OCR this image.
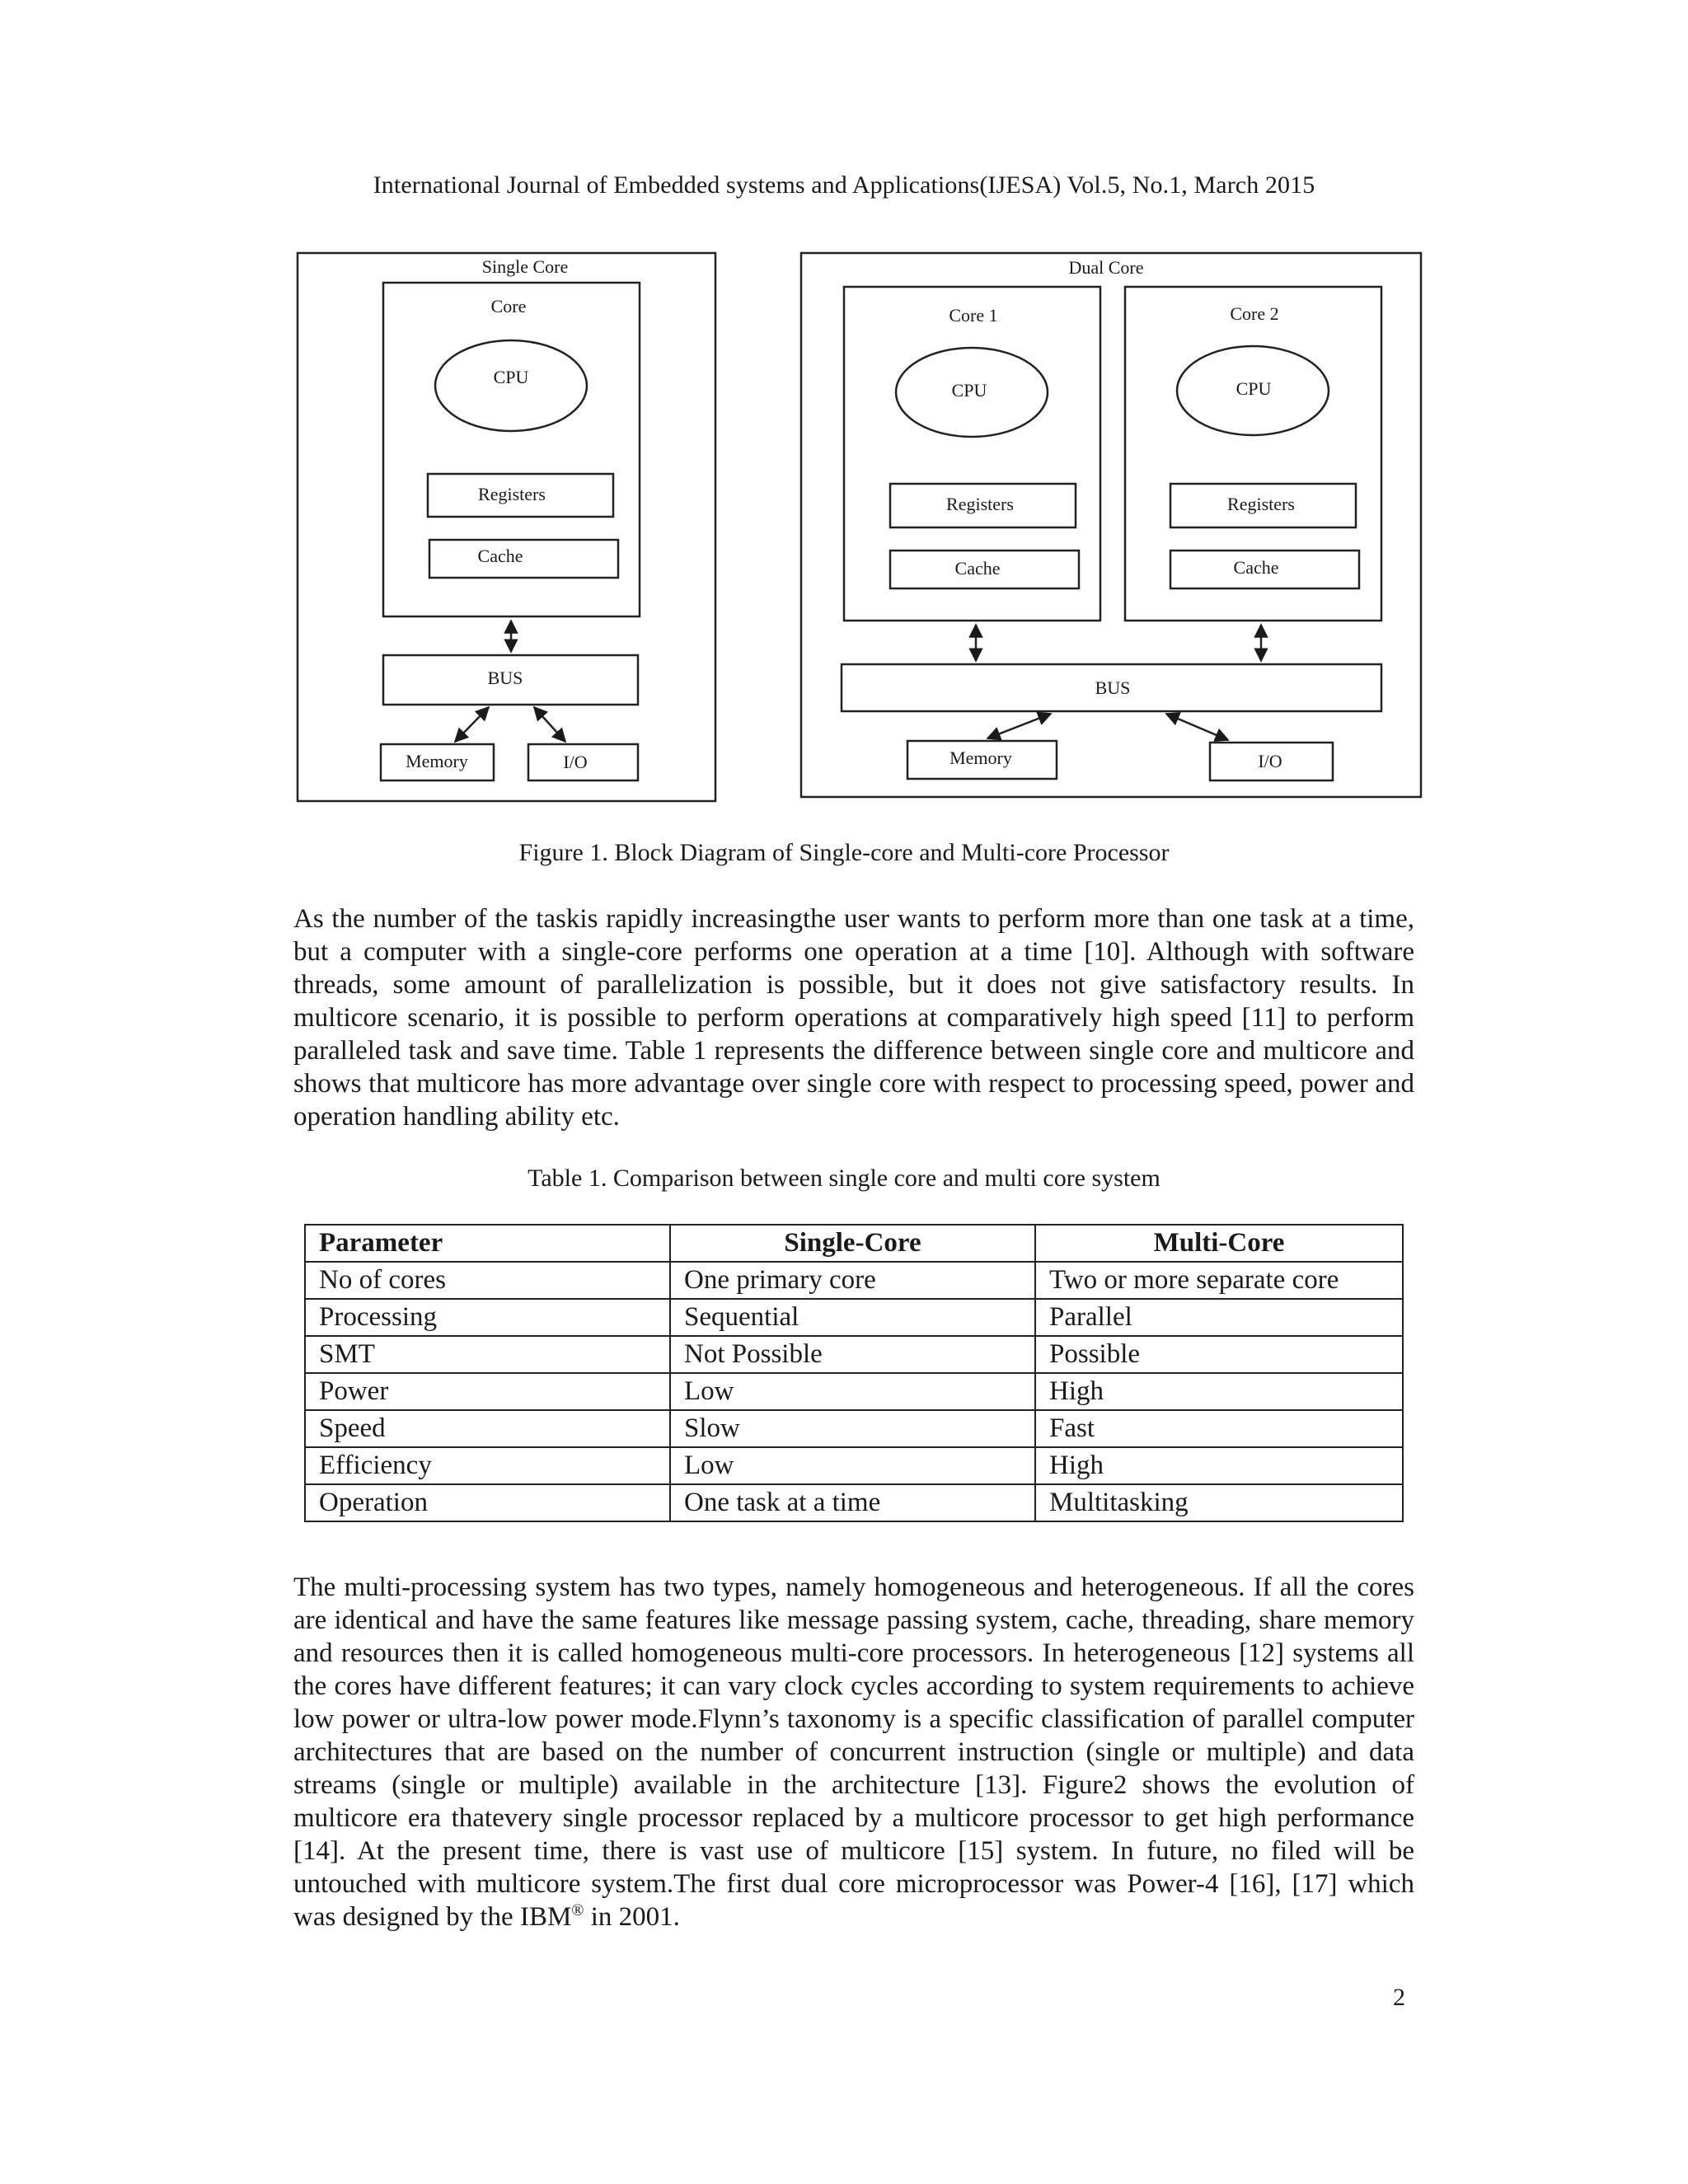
International Journal of Embedded systems and Applications(IJESA) Vol.5, No.1, March 2015
Single Core
Core
CPU
Registers
Cache
BUS
Memory	I/O
Dual Core
Core 1	Core 2
CPU	CPU
Registers	Registers
Cache	Cache
BUS
Memory	I/O
Figure 1. Block Diagram of Single-core and Multi-core Processor

As the number of the taskis rapidly increasingthe user wants to perform more than one task at a time, but a computer with a single-core performs one operation at a time [10]. Although with software threads, some amount of parallelization is possible, but it does not give satisfactory results. In multicore scenario, it is possible to perform operations at comparatively high speed [11] to perform paralleled task and save time. Table 1 represents the difference between single core and multicore and shows that multicore has more advantage over single core with respect to processing speed, power and operation handling ability etc.

Table 1. Comparison between single core and multi core system
Parameter	Single-Core	Multi-Core
No of cores	One primary core	Two or more separate core
Processing	Sequential	Parallel
SMT	Not Possible	Possible
Power	Low	High
Speed	Slow	Fast
Efficiency	Low	High
Operation	One task at a time	Multitasking

The multi-processing system has two types, namely homogeneous and heterogeneous. If all the cores are identical and have the same features like message passing system, cache, threading, share memory and resources then it is called homogeneous multi-core processors. In heterogeneous [12] systems all the cores have different features; it can vary clock cycles according to system requirements to achieve low power or ultra-low power mode.Flynn’s taxonomy is a specific classification of parallel computer architectures that are based on the number of concurrent instruction (single or multiple) and data streams (single or multiple) available in the architecture [13]. Figure2 shows the evolution of multicore era thatevery single processor replaced by a multicore processor to get high performance [14]. At the present time, there is vast use of multicore [15] system. In future, no filed will be untouched with multicore system.The first dual core microprocessor was Power-4 [16], [17] which was designed by the IBM® in 2001.

2
